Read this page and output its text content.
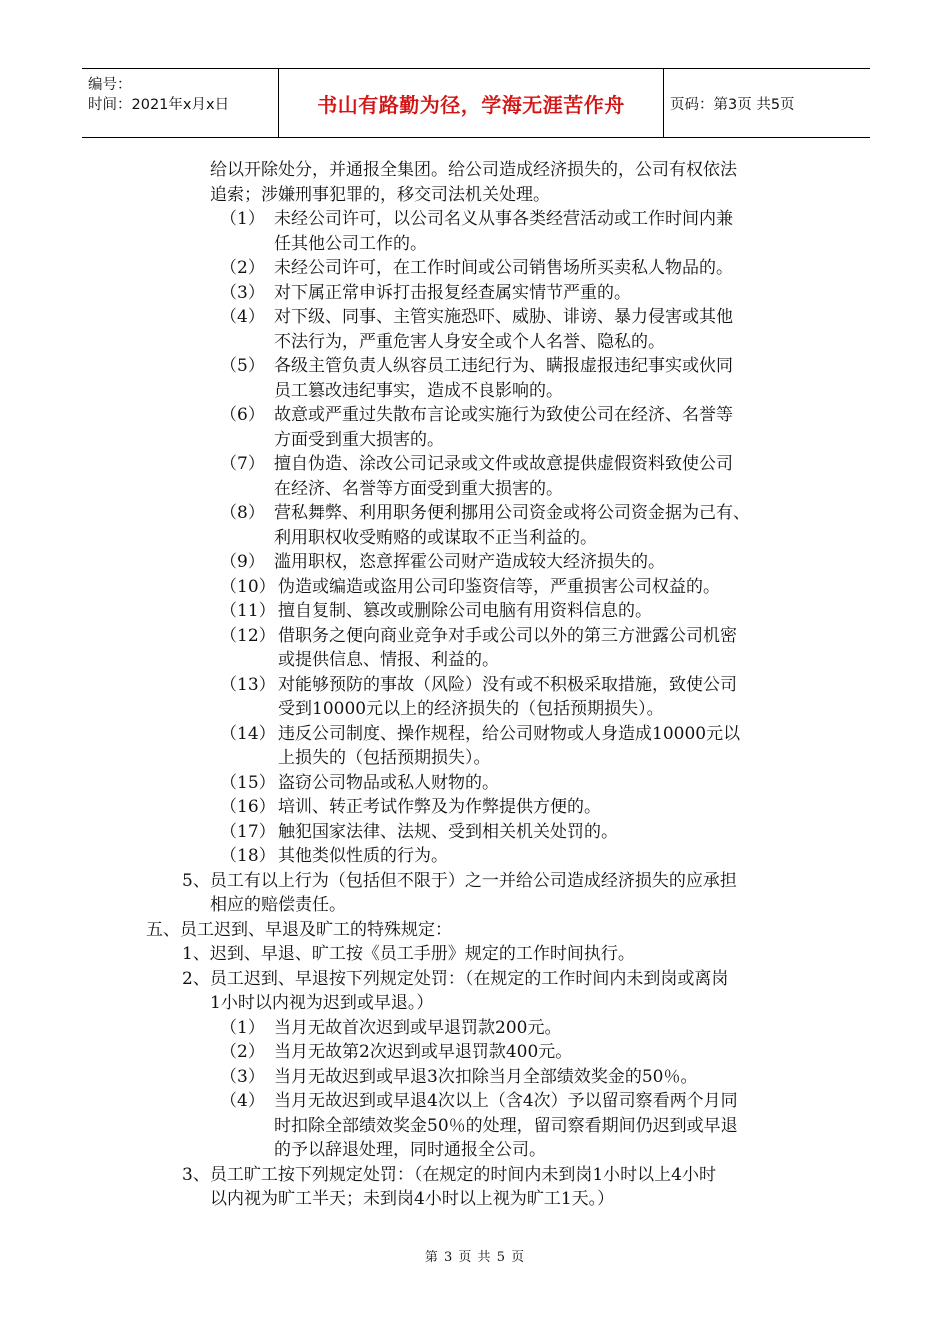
编号：
时间：2021年x月x日	书山有路勤为径，学海无涯苦作舟	页码：第3页 共5页
给以开除处分，并通报全集团。给公司造成经济损失的，公司有权依法
追索；涉嫌刑事犯罪的，移交司法机关处理。
（1） 未经公司许可，以公司名义从事各类经营活动或工作时间内兼
任其他公司工作的。
（2） 未经公司许可，在工作时间或公司销售场所买卖私人物品的。
（3） 对下属正常申诉打击报复经查属实情节严重的。
（4） 对下级、同事、主管实施恐吓、威胁、诽谤、暴力侵害或其他
不法行为，严重危害人身安全或个人名誉、隐私的。
（5） 各级主管负责人纵容员工违纪行为、瞒报虚报违纪事实或伙同
员工篡改违纪事实，造成不良影响的。
（6） 故意或严重过失散布言论或实施行为致使公司在经济、名誉等
方面受到重大损害的。
（7） 擅自伪造、涂改公司记录或文件或故意提供虚假资料致使公司
在经济、名誉等方面受到重大损害的。
（8） 营私舞弊、利用职务便利挪用公司资金或将公司资金据为己有、
利用职权收受贿赂的或谋取不正当利益的。
（9） 滥用职权，恣意挥霍公司财产造成较大经济损失的。
（10） 伪造或编造或盗用公司印鉴资信等，严重损害公司权益的。
（11） 擅自复制、篡改或删除公司电脑有用资料信息的。
（12） 借职务之便向商业竞争对手或公司以外的第三方泄露公司机密
或提供信息、情报、利益的。
（13） 对能够预防的事故（风险）没有或不积极采取措施，致使公司
受到10000元以上的经济损失的（包括预期损失）。
（14） 违反公司制度、操作规程，给公司财物或人身造成10000元以
上损失的（包括预期损失）。
（15） 盗窃公司物品或私人财物的。
（16） 培训、转正考试作弊及为作弊提供方便的。
（17） 触犯国家法律、法规、受到相关机关处罚的。
（18） 其他类似性质的行为。
5、员工有以上行为（包括但不限于）之一并给公司造成经济损失的应承担
相应的赔偿责任。
五、员工迟到、早退及旷工的特殊规定：
1、迟到、早退、旷工按《员工手册》规定的工作时间执行。
2、员工迟到、早退按下列规定处罚：（在规定的工作时间内未到岗或离岗
1小时以内视为迟到或早退。）
（1） 当月无故首次迟到或早退罚款200元。
（2） 当月无故第2次迟到或早退罚款400元。
（3） 当月无故迟到或早退3次扣除当月全部绩效奖金的50％。
（4） 当月无故迟到或早退4次以上（含4次）予以留司察看两个月同
时扣除全部绩效奖金50％的处理，留司察看期间仍迟到或早退
的予以辞退处理，同时通报全公司。
3、员工旷工按下列规定处罚：（在规定的时间内未到岗1小时以上4小时
以内视为旷工半天；未到岗4小时以上视为旷工1天。）
第 3 页 共 5 页
